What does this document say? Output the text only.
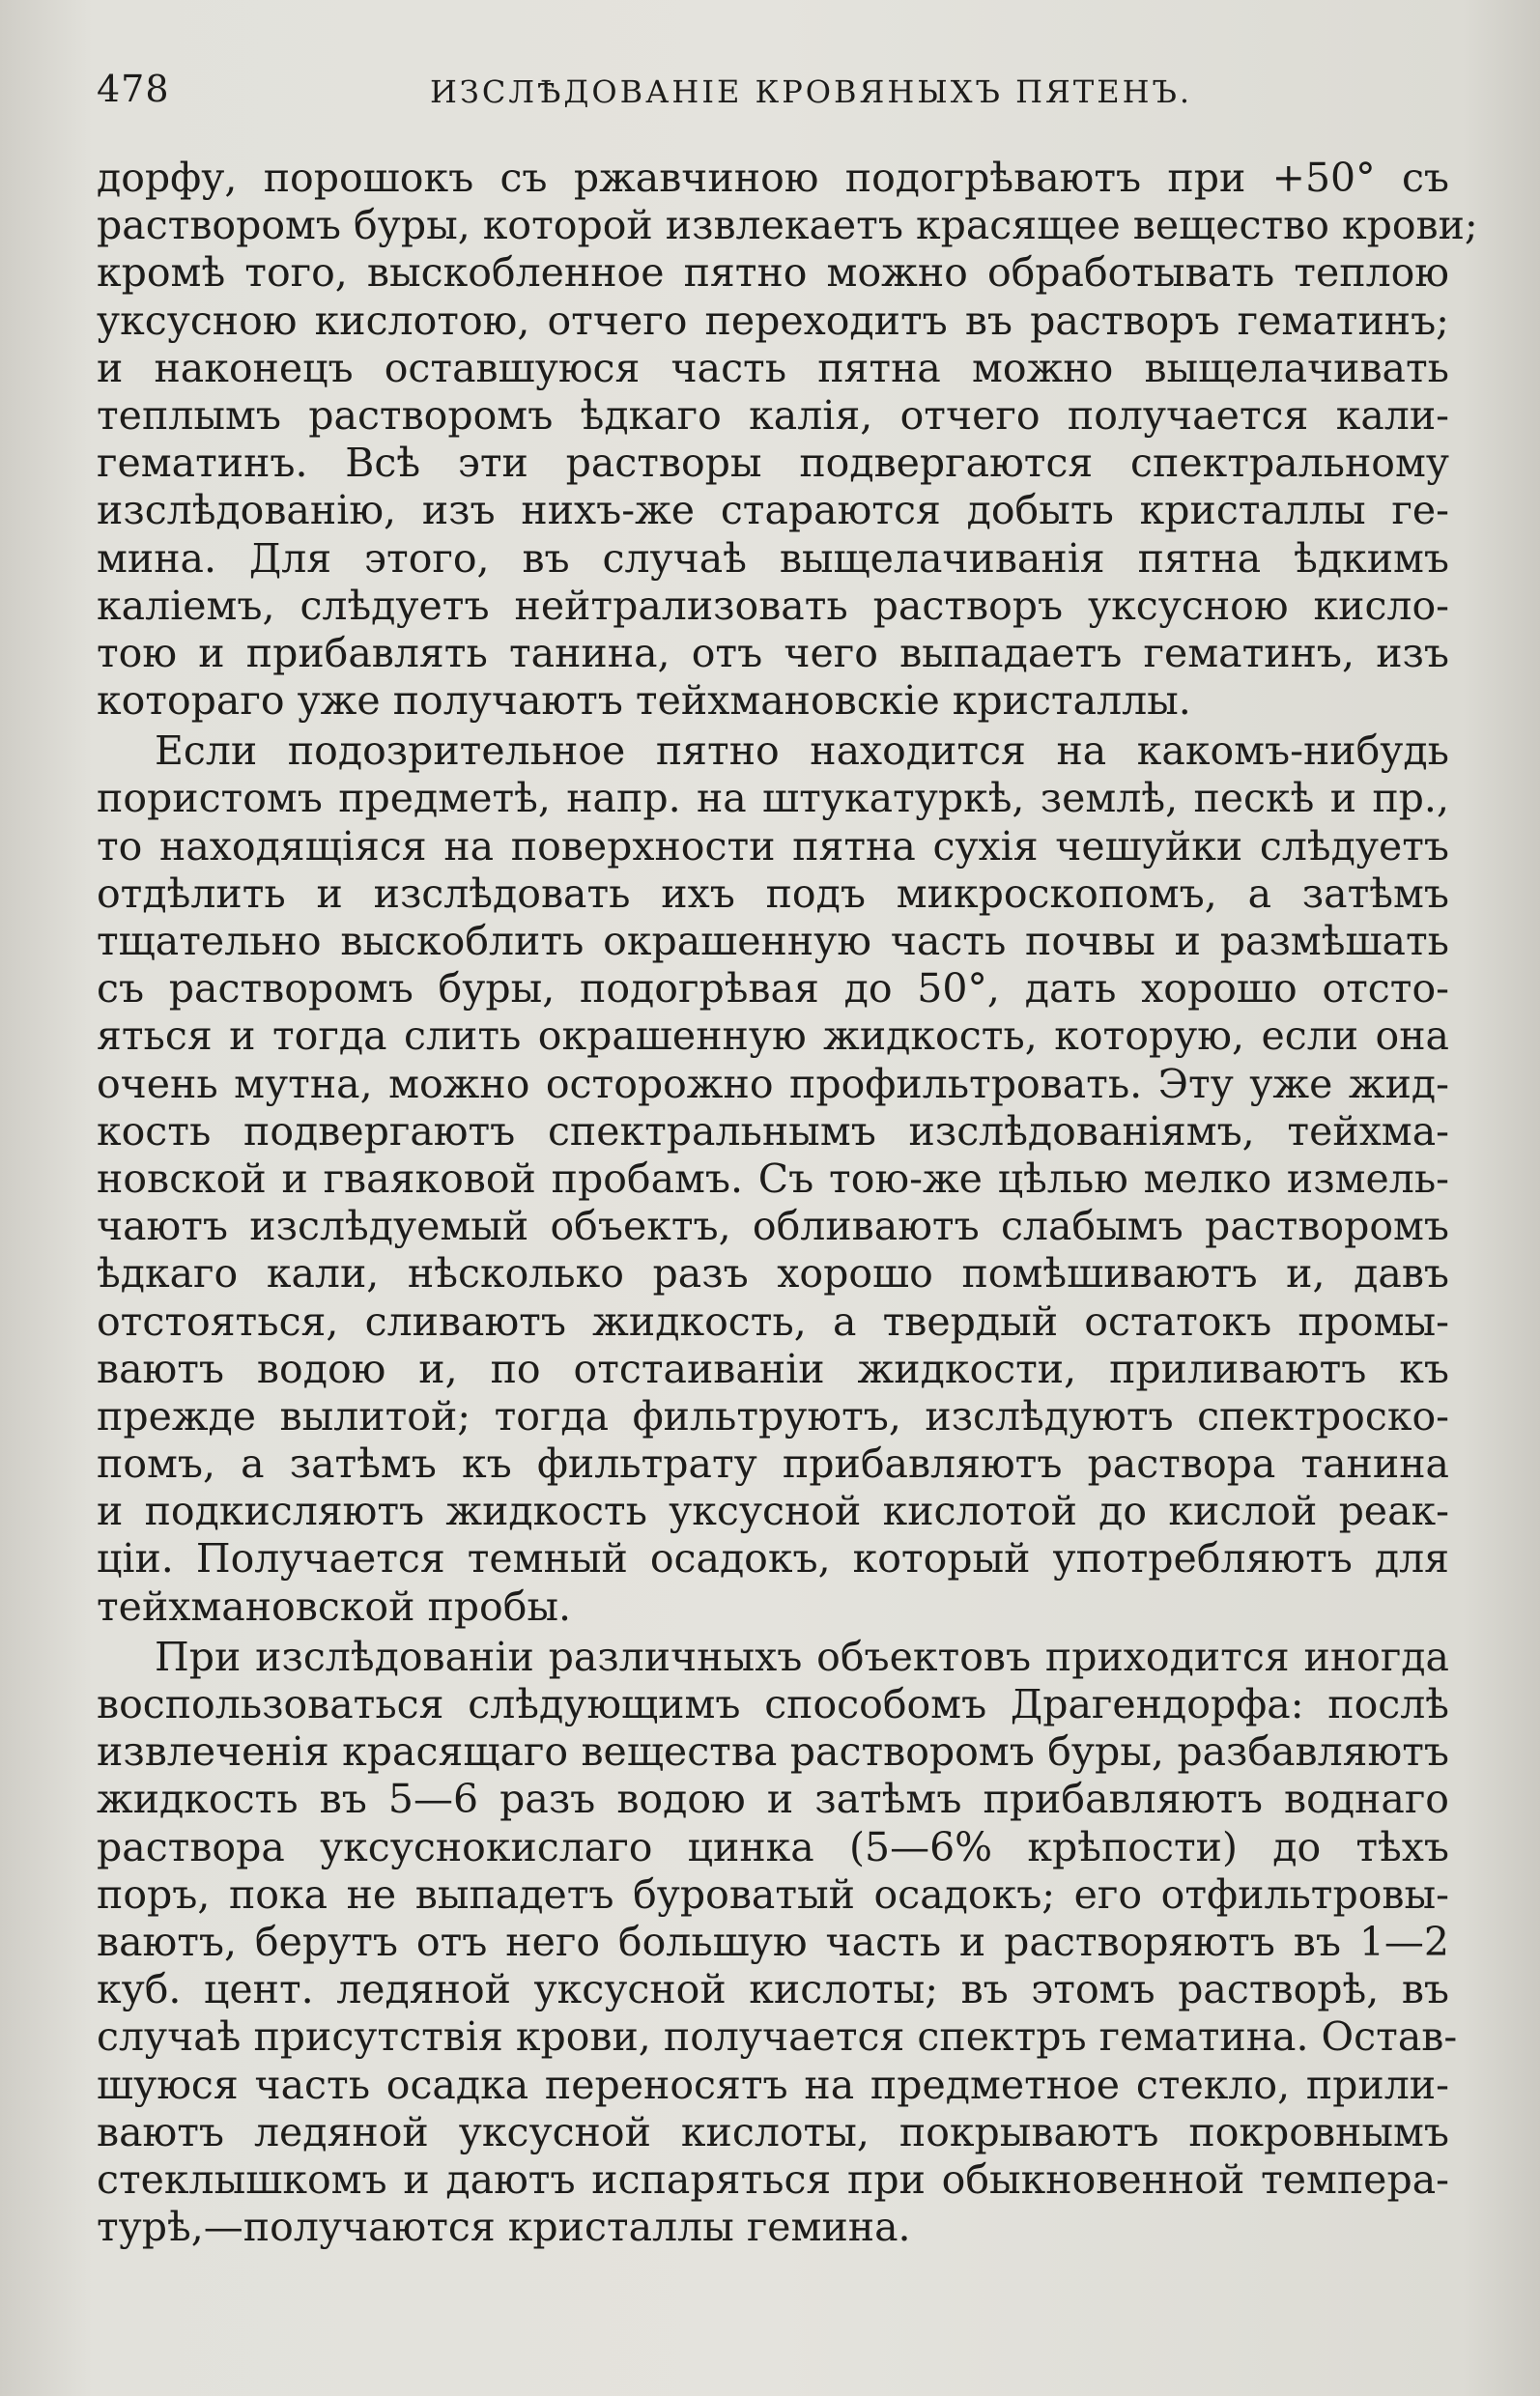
478	ИЗСЛѢДОВАНІЕ КРОВЯНЫХЪ ПЯТЕНЪ.
дорфу, порошокъ съ ржавчиною подогрѣваютъ при +50° съ
растворомъ буры, которой извлекаетъ красящее вещество крови;
кромѣ того, выскобленное пятно можно обработывать теплою
уксусною кислотою, отчего переходитъ въ растворъ гематинъ;
и наконецъ оставшуюся часть пятна можно выщелачивать
теплымъ растворомъ ѣдкаго калія, отчего получается кали-
гематинъ. Всѣ эти растворы подвергаются спектральному
изслѣдованію, изъ нихъ-же стараются добыть кристаллы ге-
мина. Для этого, въ случаѣ выщелачиванія пятна ѣдкимъ
каліемъ, слѣдуетъ нейтрализовать растворъ уксусною кисло-
тою и прибавлять танина, отъ чего выпадаетъ гематинъ, изъ
котораго уже получаютъ тейхмановскіе кристаллы.
Если подозрительное пятно находится на какомъ-нибудь
пористомъ предметѣ, напр. на штукатуркѣ, землѣ, пескѣ и пр.,
то находящіяся на поверхности пятна сухія чешуйки слѣдуетъ
отдѣлить и изслѣдовать ихъ подъ микроскопомъ, а затѣмъ
тщательно выскоблить окрашенную часть почвы и размѣшать
съ растворомъ буры, подогрѣвая до 50°, дать хорошо отсто-
яться и тогда слить окрашенную жидкость, которую, если она
очень мутна, можно осторожно профильтровать. Эту уже жид-
кость подвергаютъ спектральнымъ изслѣдованіямъ, тейхма-
новской и гваяковой пробамъ. Съ тою-же цѣлью мелко измель-
чаютъ изслѣдуемый объектъ, обливаютъ слабымъ растворомъ
ѣдкаго кали, нѣсколько разъ хорошо помѣшиваютъ и, давъ
отстояться, сливаютъ жидкость, а твердый остатокъ промы-
ваютъ водою и, по отстаиваніи жидкости, приливаютъ къ
прежде вылитой; тогда фильтруютъ, изслѣдуютъ спектроско-
помъ, а затѣмъ къ фильтрату прибавляютъ раствора танина
и подкисляютъ жидкость уксусной кислотой до кислой реак-
ціи. Получается темный осадокъ, который употребляютъ для
тейхмановской пробы.
При изслѣдованіи различныхъ объектовъ приходится иногда
воспользоваться слѣдующимъ способомъ Драгендорфа: послѣ
извлеченія красящаго вещества растворомъ буры, разбавляютъ
жидкость въ 5—6 разъ водою и затѣмъ прибавляютъ воднаго
раствора уксуснокислаго цинка (5—6% крѣпости) до тѣхъ
поръ, пока не выпадетъ буроватый осадокъ; его отфильтровы-
ваютъ, берутъ отъ него большую часть и растворяютъ въ 1—2
куб. цент. ледяной уксусной кислоты; въ этомъ растворѣ, въ
случаѣ присутствія крови, получается спектръ гематина. Остав-
шуюся часть осадка переносятъ на предметное стекло, прили-
ваютъ ледяной уксусной кислоты, покрываютъ покровнымъ
стеклышкомъ и даютъ испаряться при обыкновенной темпера-
турѣ,—получаются кристаллы гемина.
